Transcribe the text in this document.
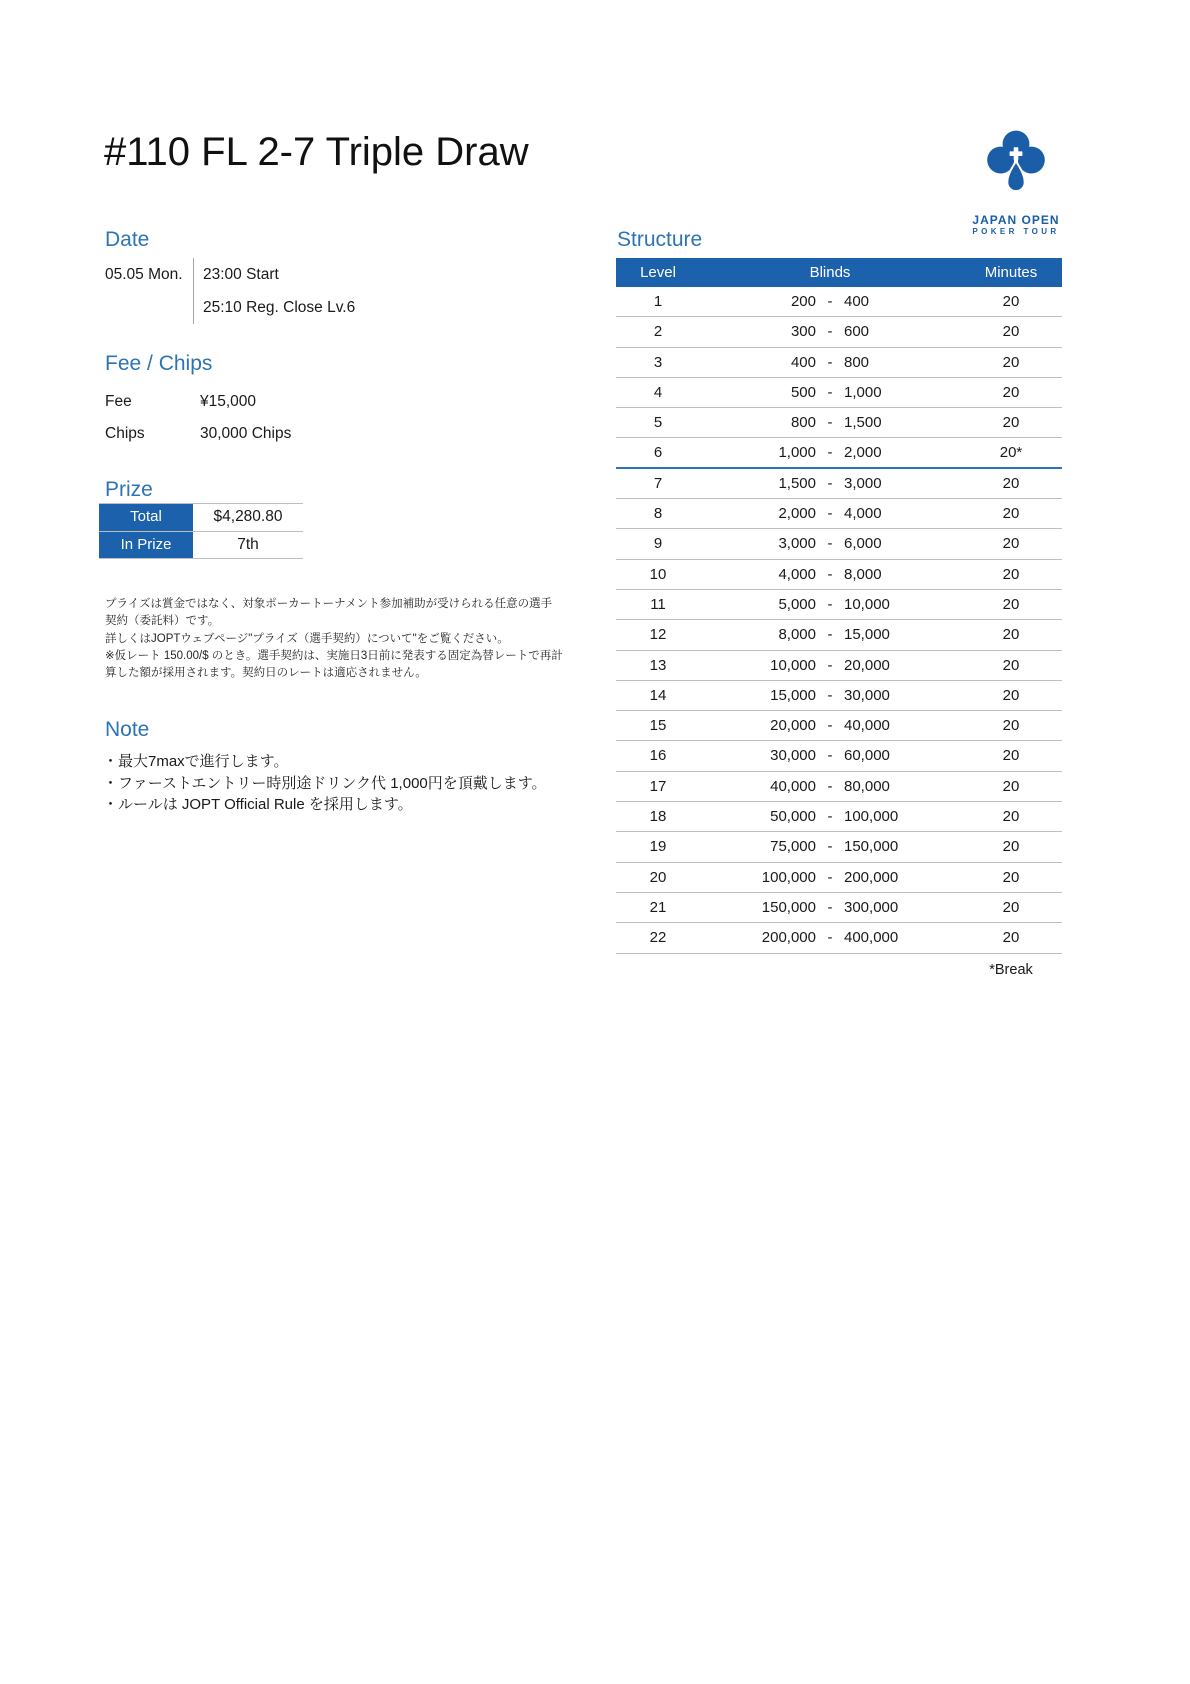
#110 FL 2-7 Triple Draw
JAPAN OPEN
POKER TOUR
Date
05.05 Mon.	23:00 Start
25:10 Reg. Close Lv.6
Fee / Chips
Fee	¥15,000
Chips	30,000 Chips
Prize
Total	$4,280.80
In Prize	7th
プライズは賞金ではなく、対象ポーカートーナメント参加補助が受けられる任意の選手契約（委託料）です。
詳しくはJOPTウェブページ"プライズ（選手契約）について"をご覧ください。
※仮レート 150.00/$ のとき。選手契約は、実施日3日前に発表する固定為替レートで再計算した額が採用されます。契約日のレートは適応されません。
Note
・最大7maxで進行します。
・ファーストエントリー時別途ドリンク代 1,000円を頂戴します。
・ルールは JOPT Official Rule を採用します。
Structure
Level	Blinds	Minutes
1	200 - 400	20
2	300 - 600	20
3	400 - 800	20
4	500 - 1,000	20
5	800 - 1,500	20
6	1,000 - 2,000	20*
7	1,500 - 3,000	20
8	2,000 - 4,000	20
9	3,000 - 6,000	20
10	4,000 - 8,000	20
11	5,000 - 10,000	20
12	8,000 - 15,000	20
13	10,000 - 20,000	20
14	15,000 - 30,000	20
15	20,000 - 40,000	20
16	30,000 - 60,000	20
17	40,000 - 80,000	20
18	50,000 - 100,000	20
19	75,000 - 150,000	20
20	100,000 - 200,000	20
21	150,000 - 300,000	20
22	200,000 - 400,000	20
*Break
